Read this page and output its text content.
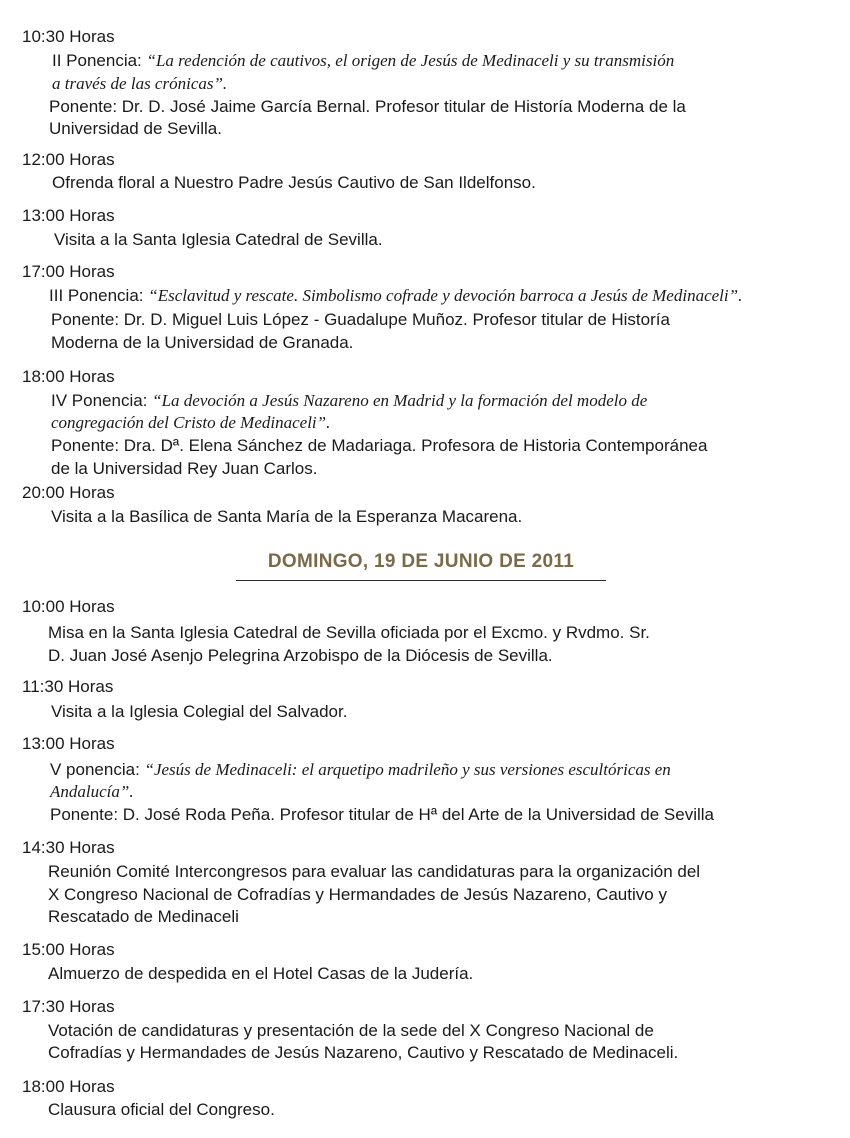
10:30 Horas
II Ponencia: “La redención de cautivos, el origen de Jesús de Medinaceli y su transmisión
a través de las crónicas”.
Ponente: Dr. D. José Jaime García Bernal. Profesor titular de Historía Moderna de la
Universidad de Sevilla.
12:00 Horas
Ofrenda floral a Nuestro Padre Jesús Cautivo de San Ildelfonso.
13:00 Horas
Visita a la Santa Iglesia Catedral de Sevilla.
17:00 Horas
III Ponencia: “Esclavitud y rescate. Simbolismo cofrade y devoción barroca a Jesús de Medinaceli”.
Ponente: Dr. D. Miguel Luis López - Guadalupe Muñoz. Profesor titular de Historía
Moderna de la Universidad de Granada.
18:00 Horas
IV Ponencia: “La devoción a Jesús Nazareno en Madrid y la formación del modelo de
congregación del Cristo de Medinaceli”.
Ponente: Dra. Dª. Elena Sánchez de Madariaga. Profesora de Historia Contemporánea
de la Universidad Rey Juan Carlos.
20:00 Horas
Visita a la Basílica de Santa María de la Esperanza Macarena.
DOMINGO, 19 DE JUNIO DE 2011
10:00 Horas
Misa en la Santa Iglesia Catedral de Sevilla oficiada por el Excmo. y Rvdmo. Sr.
D. Juan José Asenjo Pelegrina Arzobispo de la Diócesis de Sevilla.
11:30 Horas
Visita a la Iglesia Colegial del Salvador.
13:00 Horas
V ponencia: “Jesús de Medinaceli: el arquetipo madrileño y sus versiones escultóricas en
Andalucía”.
Ponente: D. José Roda Peña. Profesor titular de Hª del Arte de la Universidad de Sevilla
14:30 Horas
Reunión Comité Intercongresos para evaluar las candidaturas para la organización del
X Congreso Nacional de Cofradías y Hermandades de Jesús Nazareno, Cautivo y
Rescatado de Medinaceli
15:00 Horas
Almuerzo de despedida en el Hotel Casas de la Judería.
17:30 Horas
Votación de candidaturas y presentación de la sede del X Congreso Nacional de
Cofradías y Hermandades de Jesús Nazareno, Cautivo y Rescatado de Medinaceli.
18:00 Horas
Clausura oficial del Congreso.
